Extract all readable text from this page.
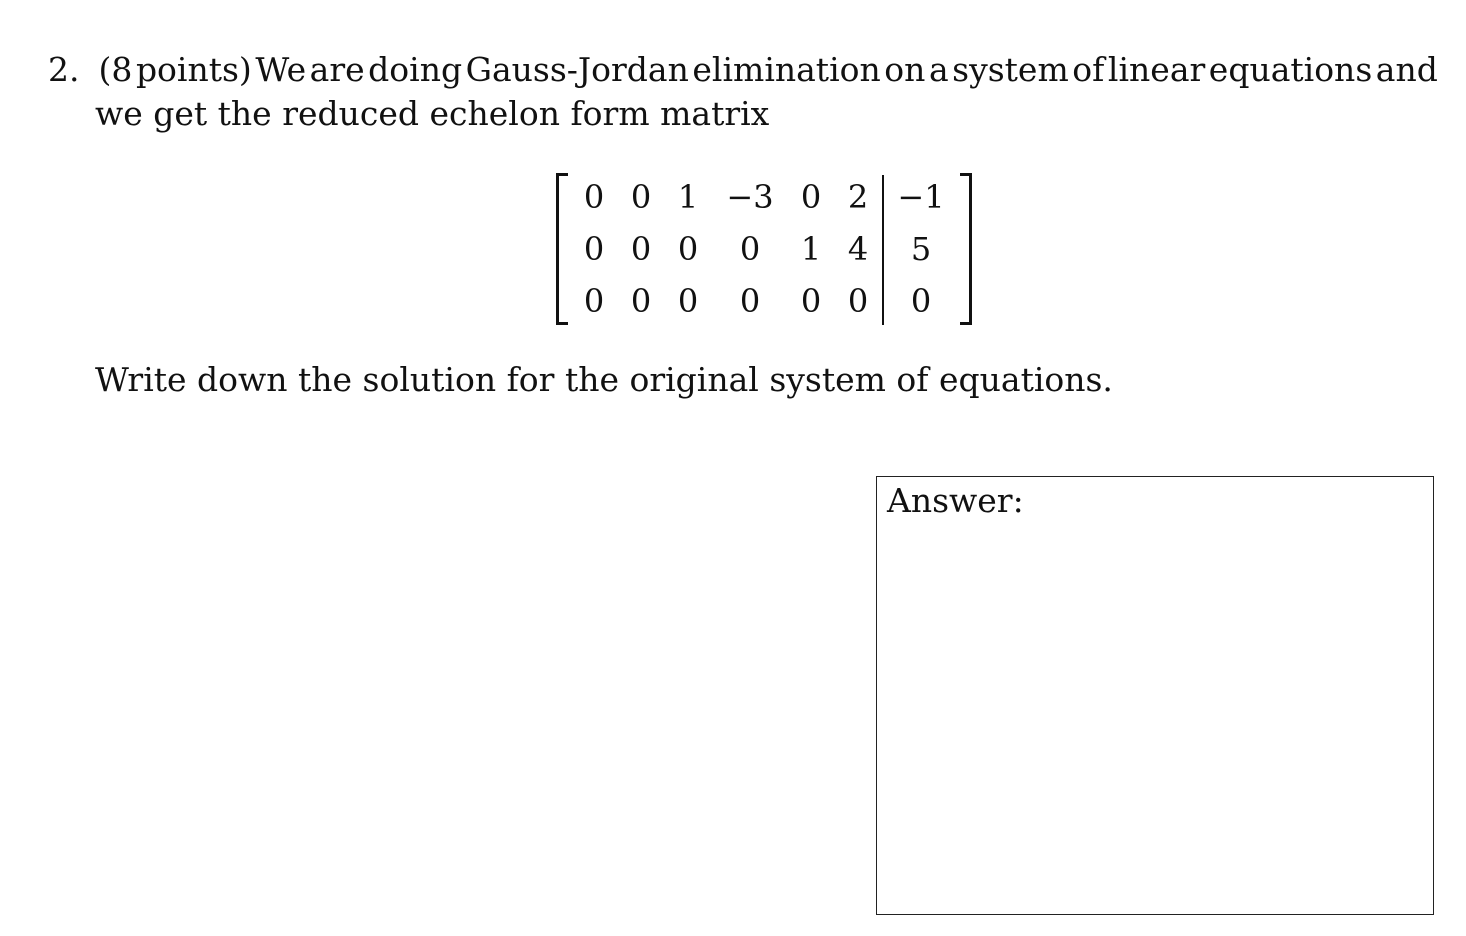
2. (8 points) We are doing Gauss-Jordan elimination on a system of linear equations and
we get the reduced echelon form matrix
0 0 1 −3 0 2 −1
0 0 0	0	1 4	5
0 0 0	0	0 0	0
Write down the solution for the original system of equations.
Answer:
